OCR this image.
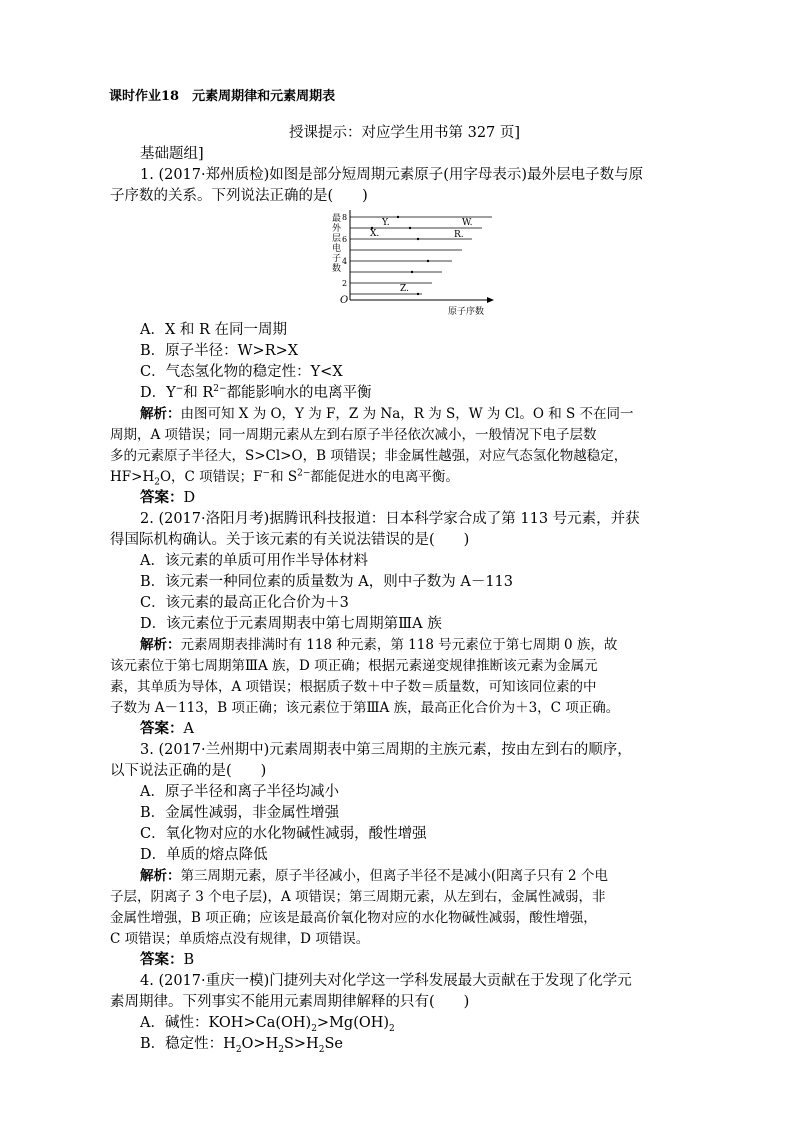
课时作业18　元素周期律和元素周期表
授课提示：对应学生用书第 327 页]
基础题组]
1. (2017·郑州质检)如图是部分短周期元素原子(用字母表示)最外层电子数与原
子序数的关系。下列说法正确的是(　　)
O
最
外
层
电
子
数
8
6
4
2
Y.
X.
W.
R.
Z.
原子序数
A．X 和 R 在同一周期
B．原子半径：W>R>X
C．气态氢化物的稳定性：Y<X
D．Y−和 $R^{2-}$都能影响水的电离平衡
解析：由图可知 X 为 O，Y 为 F，Z 为 Na，R 为 S，W 为 Cl。O 和 S 不在同一
周期，A 项错误；同一周期元素从左到右原子半径依次减小，一般情况下电子层数
多的元素原子半径大，S>Cl>O，B 项错误；非金属性越强，对应气态氢化物越稳定，
$HF>H_2O$，C 项错误；F−和 $S^{2-}$都能促进水的电离平衡。
答案：D
2. (2017·洛阳月考)据腾讯科技报道：日本科学家合成了第 113 号元素，并获
得国际机构确认。关于该元素的有关说法错误的是(　　)
A．该元素的单质可用作半导体材料
B．该元素一种同位素的质量数为 A，则中子数为 A－113
C．该元素的最高正化合价为＋3
D．该元素位于元素周期表中第七周期第ⅢA 族
解析：元素周期表排满时有 118 种元素，第 118 号元素位于第七周期 0 族，故
该元素位于第七周期第ⅢA 族，D 项正确；根据元素递变规律推断该元素为金属元
素，其单质为导体，A 项错误；根据质子数＋中子数＝质量数，可知该同位素的中
子数为 A－113，B 项正确；该元素位于第ⅢA 族，最高正化合价为＋3，C 项正确。
答案：A
3. (2017·兰州期中)元素周期表中第三周期的主族元素，按由左到右的顺序，
以下说法正确的是(　　)
A．原子半径和离子半径均减小
B．金属性减弱，非金属性增强
C．氧化物对应的水化物碱性减弱，酸性增强
D．单质的熔点降低
解析：第三周期元素，原子半径减小，但离子半径不是减小(阳离子只有 2 个电
子层，阴离子 3 个电子层)，A 项错误；第三周期元素，从左到右，金属性减弱，非
金属性增强，B 项正确；应该是最高价氧化物对应的水化物碱性减弱，酸性增强，
C 项错误；单质熔点没有规律，D 项错误。
答案：B
4. (2017·重庆一模)门捷列夫对化学这一学科发展最大贡献在于发现了化学元
素周期律。下列事实不能用元素周期律解释的只有(　　)
A．碱性：$KOH>Ca(OH)_2>Mg(OH)_2$
B．稳定性：$H_2O>H_2S>H_2Se$
